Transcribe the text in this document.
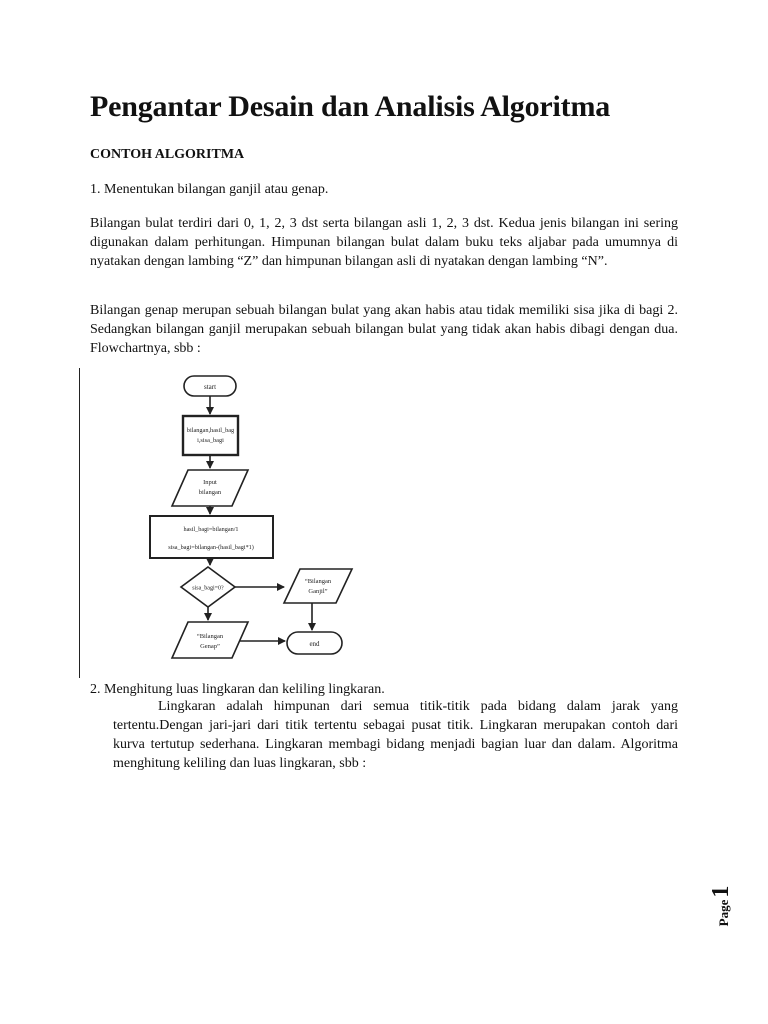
Pengantar Desain dan Analisis Algoritma

CONTOH ALGORITMA

1. Menentukan bilangan ganjil atau genap.

Bilangan bulat terdiri dari 0, 1, 2, 3 dst serta bilangan asli 1, 2, 3 dst. Kedua jenis bilangan ini sering digunakan dalam perhitungan. Himpunan bilangan bulat dalam buku teks aljabar pada umumnya di nyatakan dengan lambing “Z” dan himpunan bilangan asli di nyatakan dengan lambing “N”.

Bilangan genap merupan sebuah bilangan bulat yang akan habis atau tidak memiliki sisa jika di bagi 2. Sedangkan bilangan ganjil merupakan sebuah bilangan bulat yang tidak akan habis dibagi dengan dua. Flowchartnya, sbb :

start
bilangan,hasil_bag
i,sisa_bagi
Input
bilangan
hasil_bagi=bilangan/1
sisa_bagi=bilangan-(hasil_bagi*1)
sisa_bagi=0?
“Bilangan
Ganjil”
“Bilangan
Genap”	end

2. Menghitung luas lingkaran dan keliling lingkaran.

Lingkaran adalah himpunan dari semua titik-titik pada bidang dalam jarak yang tertentu.Dengan jari-jari dari titik tertentu sebagai pusat titik. Lingkaran merupakan contoh dari kurva tertutup sederhana. Lingkaran membagi bidang menjadi bagian luar dan dalam. Algoritma menghitung keliling dan luas lingkaran, sbb :

Page
1
